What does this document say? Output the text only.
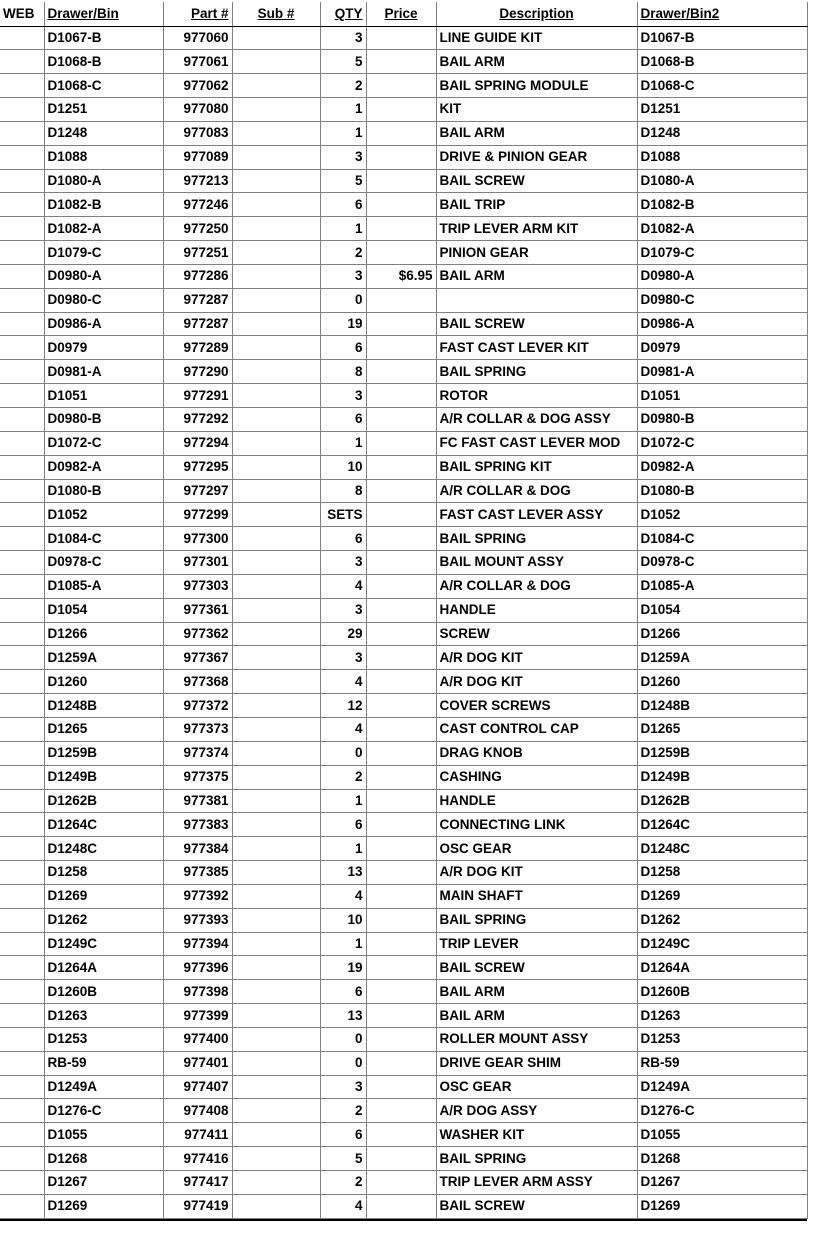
WEB	Drawer/Bin	Part #	Sub #	QTY	Price	Description	Drawer/Bin2
	D1067-B	977060		3		LINE GUIDE KIT	D1067-B
	D1068-B	977061		5		BAIL ARM	D1068-B
	D1068-C	977062		2		BAIL SPRING MODULE	D1068-C
	D1251	977080		1		KIT	D1251
	D1248	977083		1		BAIL ARM	D1248
	D1088	977089		3		DRIVE & PINION GEAR	D1088
	D1080-A	977213		5		BAIL SCREW	D1080-A
	D1082-B	977246		6		BAIL TRIP	D1082-B
	D1082-A	977250		1		TRIP LEVER ARM KIT	D1082-A
	D1079-C	977251		2		PINION GEAR	D1079-C
	D0980-A	977286		3	$6.95	BAIL ARM	D0980-A
	D0980-C	977287		0			D0980-C
	D0986-A	977287		19		BAIL SCREW	D0986-A
	D0979	977289		6		FAST CAST LEVER KIT	D0979
	D0981-A	977290		8		BAIL SPRING	D0981-A
	D1051	977291		3		ROTOR	D1051
	D0980-B	977292		6		A/R COLLAR & DOG ASSY	D0980-B
	D1072-C	977294		1		FC FAST CAST LEVER MOD	D1072-C
	D0982-A	977295		10		BAIL SPRING KIT	D0982-A
	D1080-B	977297		8		A/R COLLAR & DOG	D1080-B
	D1052	977299		SETS		FAST CAST LEVER ASSY	D1052
	D1084-C	977300		6		BAIL SPRING	D1084-C
	D0978-C	977301		3		BAIL MOUNT ASSY	D0978-C
	D1085-A	977303		4		A/R COLLAR & DOG	D1085-A
	D1054	977361		3		HANDLE	D1054
	D1266	977362		29		SCREW	D1266
	D1259A	977367		3		A/R DOG KIT	D1259A
	D1260	977368		4		A/R DOG KIT	D1260
	D1248B	977372		12		COVER SCREWS	D1248B
	D1265	977373		4		CAST CONTROL CAP	D1265
	D1259B	977374		0		DRAG KNOB	D1259B
	D1249B	977375		2		CASHING	D1249B
	D1262B	977381		1		HANDLE	D1262B
	D1264C	977383		6		CONNECTING LINK	D1264C
	D1248C	977384		1		OSC GEAR	D1248C
	D1258	977385		13		A/R DOG KIT	D1258
	D1269	977392		4		MAIN SHAFT	D1269
	D1262	977393		10		BAIL SPRING	D1262
	D1249C	977394		1		TRIP LEVER	D1249C
	D1264A	977396		19		BAIL SCREW	D1264A
	D1260B	977398		6		BAIL ARM	D1260B
	D1263	977399		13		BAIL ARM	D1263
	D1253	977400		0		ROLLER MOUNT ASSY	D1253
	RB-59	977401		0		DRIVE GEAR SHIM	RB-59
	D1249A	977407		3		OSC GEAR	D1249A
	D1276-C	977408		2		A/R DOG ASSY	D1276-C
	D1055	977411		6		WASHER KIT	D1055
	D1268	977416		5		BAIL SPRING	D1268
	D1267	977417		2		TRIP LEVER ARM ASSY	D1267
	D1269	977419		4		BAIL SCREW	D1269
